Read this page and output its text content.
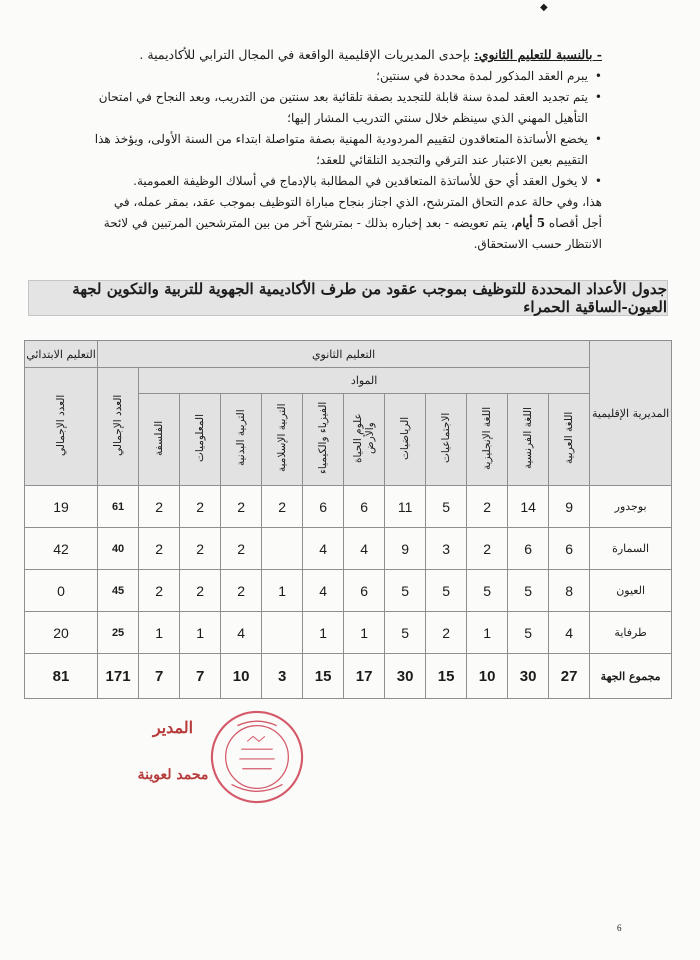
◆
- بالنسبة للتعليم الثانوي: بإحدى المديريات الإقليمية الواقعة في المجال الترابي للأكاديمية .
•
يبرم العقد المذكور لمدة محددة في سنتين؛
•
يتم تجديد العقد لمدة سنة قابلة للتجديد بصفة تلقائية بعد سنتين من التدريب، وبعد النجاح في امتحان التأهيل المهني الذي سينظم خلال سنتي التدريب المشار إليها؛
•
يخضع الأساتذة المتعاقدون لتقييم المردودية المهنية بصفة متواصلة ابتداء من السنة الأولى، ويؤخذ هذا التقييم بعين الاعتبار عند الترقي والتجديد التلقائي للعقد؛
•
لا يخول العقد أي حق للأساتذة المتعاقدين في المطالبة بالإدماج في أسلاك الوظيفة العمومية.
هذا، وفي حالة عدم التحاق المترشح، الذي اجتاز بنجاح مباراة التوظيف بموجب عقد، بمقر عمله، في أجل أقصاه 5 أيام، يتم تعويضه - بعد إخباره بذلك - بمترشح آخر من بين المترشحين المرتبين في لائحة الانتظار حسب الاستحقاق.
جدول الأعداد المحددة للتوظيف بموجب عقود من طرف الأكاديمية الجهوية للتربية والتكوين لجهة العيون-الساقية الحمراء
المديرية الإقليمية	التعليم الثانوي												التعليم الابتدائي
	المواد											العدد الإجمالي	العدد الإجمالي
	اللغة العربية	اللغة الفرنسية	اللغة الإنجليزية	الاجتماعيات	الرياضيات	علوم الحياة والأرض	الفيزياء والكيمياء	التربية الإسلامية	التربية البدنية	المعلوميات	الفلسفة		
بوجدور	9	14	2	5	11	6	6	2	2	2	2	61	19
السمارة	6	6	2	3	9	4	4		2	2	2	40	42
العيون	8	5	5	5	5	6	4	1	2	2	2	45	0
طرفاية	4	5	1	2	5	1	1		4	1	1	25	20
مجموع الجهة	27	30	10	15	30	17	15	3	10	7	7	171	81
المدير
محمد لعوينة
6
